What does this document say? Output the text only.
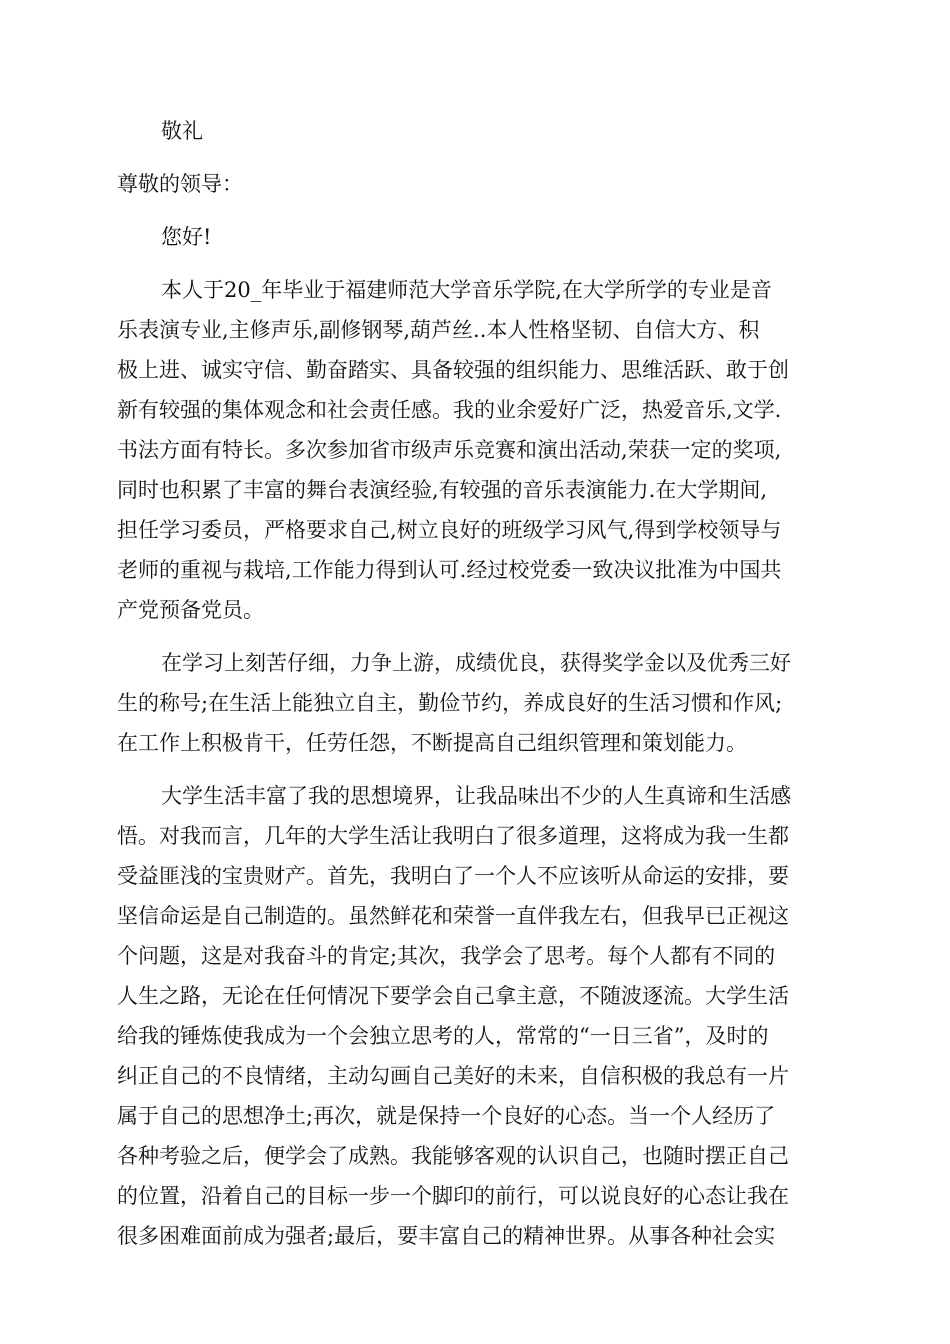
敬礼

尊敬的领导：

您好!

本人于20_年毕业于福建师范大学音乐学院,在大学所学的专业是音

乐表演专业,主修声乐,副修钢琴,葫芦丝..本人性格坚韧、自信大方、积

极上进、诚实守信、勤奋踏实、具备较强的组织能力、思维活跃、敢于创

新有较强的集体观念和社会责任感。我的业余爱好广泛，热爱音乐,文学.

书法方面有特长。多次参加省市级声乐竞赛和演出活动,荣获一定的奖项,

同时也积累了丰富的舞台表演经验,有较强的音乐表演能力.在大学期间,

担任学习委员，严格要求自己,树立良好的班级学习风气,得到学校领导与

老师的重视与栽培,工作能力得到认可.经过校党委一致决议批准为中国共

产党预备党员。

在学习上刻苦仔细，力争上游，成绩优良，获得奖学金以及优秀三好

生的称号;在生活上能独立自主，勤俭节约，养成良好的生活习惯和作风;

在工作上积极肯干，任劳任怨，不断提高自己组织管理和策划能力。

大学生活丰富了我的思想境界，让我品味出不少的人生真谛和生活感

悟。对我而言，几年的大学生活让我明白了很多道理，这将成为我一生都

受益匪浅的宝贵财产。首先，我明白了一个人不应该听从命运的安排，要

坚信命运是自己制造的。虽然鲜花和荣誉一直伴我左右，但我早已正视这

个问题，这是对我奋斗的肯定;其次，我学会了思考。每个人都有不同的

人生之路，无论在任何情况下要学会自己拿主意，不随波逐流。大学生活

给我的锤炼使我成为一个会独立思考的人，常常的“一日三省”，及时的

纠正自己的不良情绪，主动勾画自己美好的未来，自信积极的我总有一片

属于自己的思想净土;再次，就是保持一个良好的心态。当一个人经历了

各种考验之后，便学会了成熟。我能够客观的认识自己，也随时摆正自己

的位置，沿着自己的目标一步一个脚印的前行，可以说良好的心态让我在

很多困难面前成为强者;最后，要丰富自己的精神世界。从事各种社会实
